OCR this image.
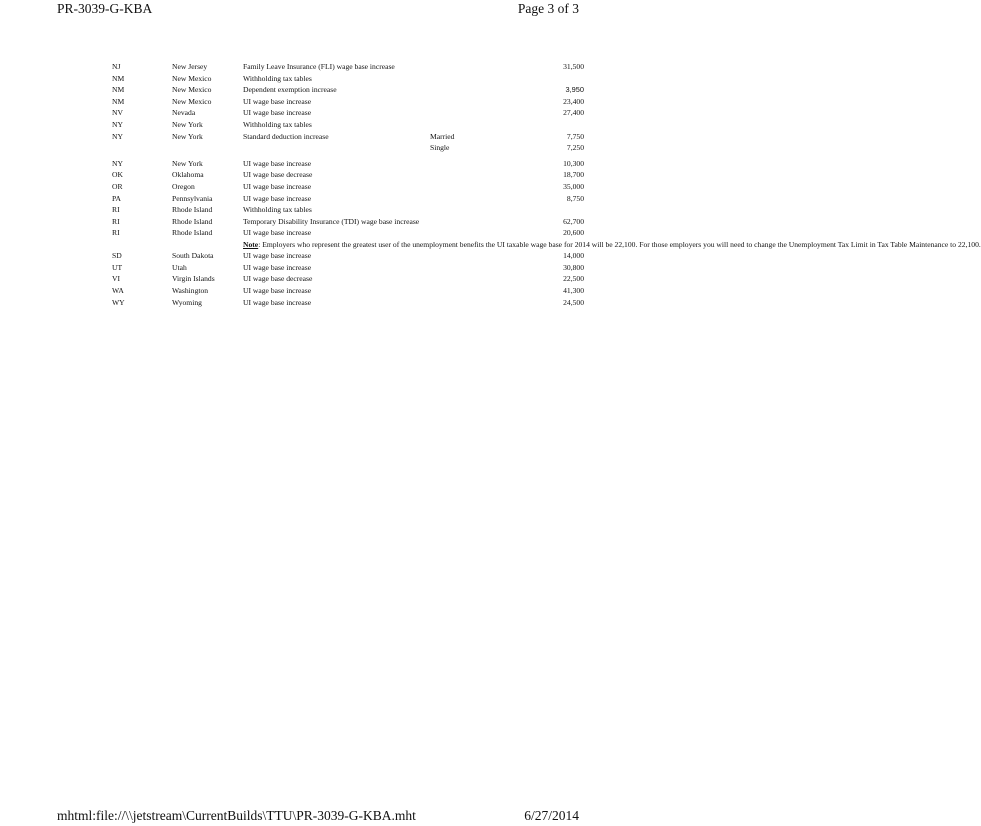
PR-3039-G-KBA	Page 3 of 3
NJ	New Jersey	Family Leave Insurance (FLI) wage base increase		31,500
NM	New Mexico	Withholding tax tables		
NM	New Mexico	Dependent exemption increase		3,950
NM	New Mexico	UI wage base increase		23,400
NV	Nevada	UI wage base increase		27,400
NY	New York	Withholding tax tables		
NY	New York	Standard deduction increase	Married	7,750
			Single	7,250
NY	New York	UI wage base increase		10,300
OK	Oklahoma	UI wage base decrease		18,700
OR	Oregon	UI wage base increase		35,000
PA	Pennsylvania	UI wage base increase		8,750
RI	Rhode Island	Withholding tax tables		
RI	Rhode Island	Temporary Disability Insurance (TDI) wage base increase		62,700
RI	Rhode Island	UI wage base increase		20,600
		Note: Employers who represent the greatest user of the unemployment benefits the UI taxable wage base for 2014 will be 22,100. For those employers you will need to change the Unemployment Tax Limit in Tax Table Maintenance to 22,100.		
SD	South Dakota	UI wage base increase		14,000
UT	Utah	UI wage base increase		30,800
VI	Virgin Islands	UI wage base decrease		22,500
WA	Washington	UI wage base increase		41,300
WY	Wyoming	UI wage base increase		24,500
mhtml:file://\\jetstream\CurrentBuilds\TTU\PR-3039-G-KBA.mht	6/27/2014
